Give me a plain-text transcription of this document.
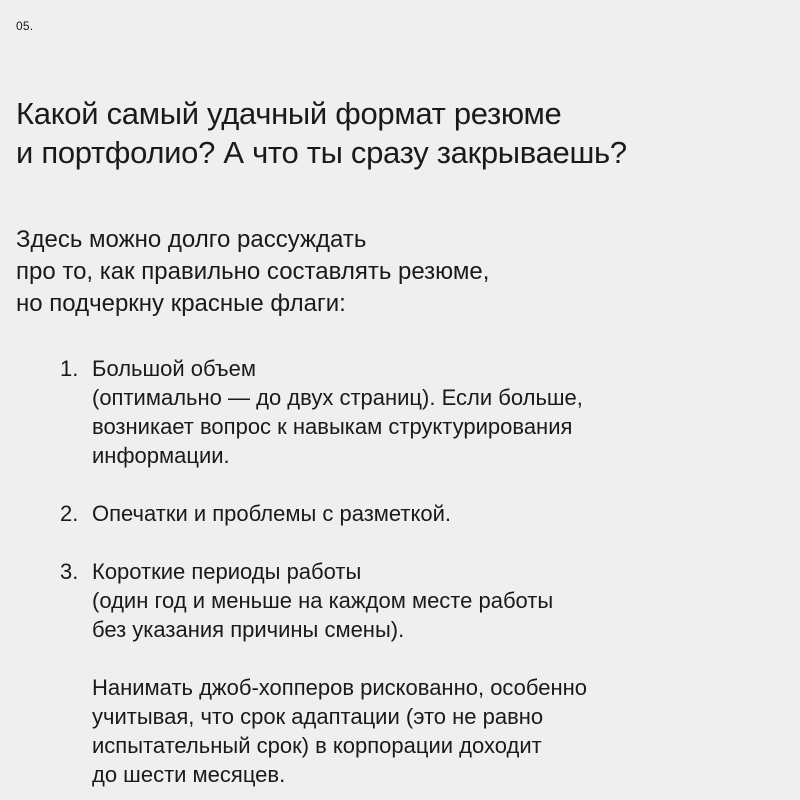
05.
Какой самый удачный формат резюме
и портфолио? А что ты сразу закрываешь?

Здесь можно долго рассуждать
про то, как правильно составлять резюме,
но подчеркну красные флаги:

1. Большой объем
(оптимально — до двух страниц). Если больше,
возникает вопрос к навыкам структурирования
информации.
2. Опечатки и проблемы с разметкой.
3. Короткие периоды работы
(один год и меньше на каждом месте работы
без указания причины смены).
Нанимать джоб-хопперов рискованно, особенно
учитывая, что срок адаптации (это не равно
испытательный срок) в корпорации доходит
до шести месяцев.
